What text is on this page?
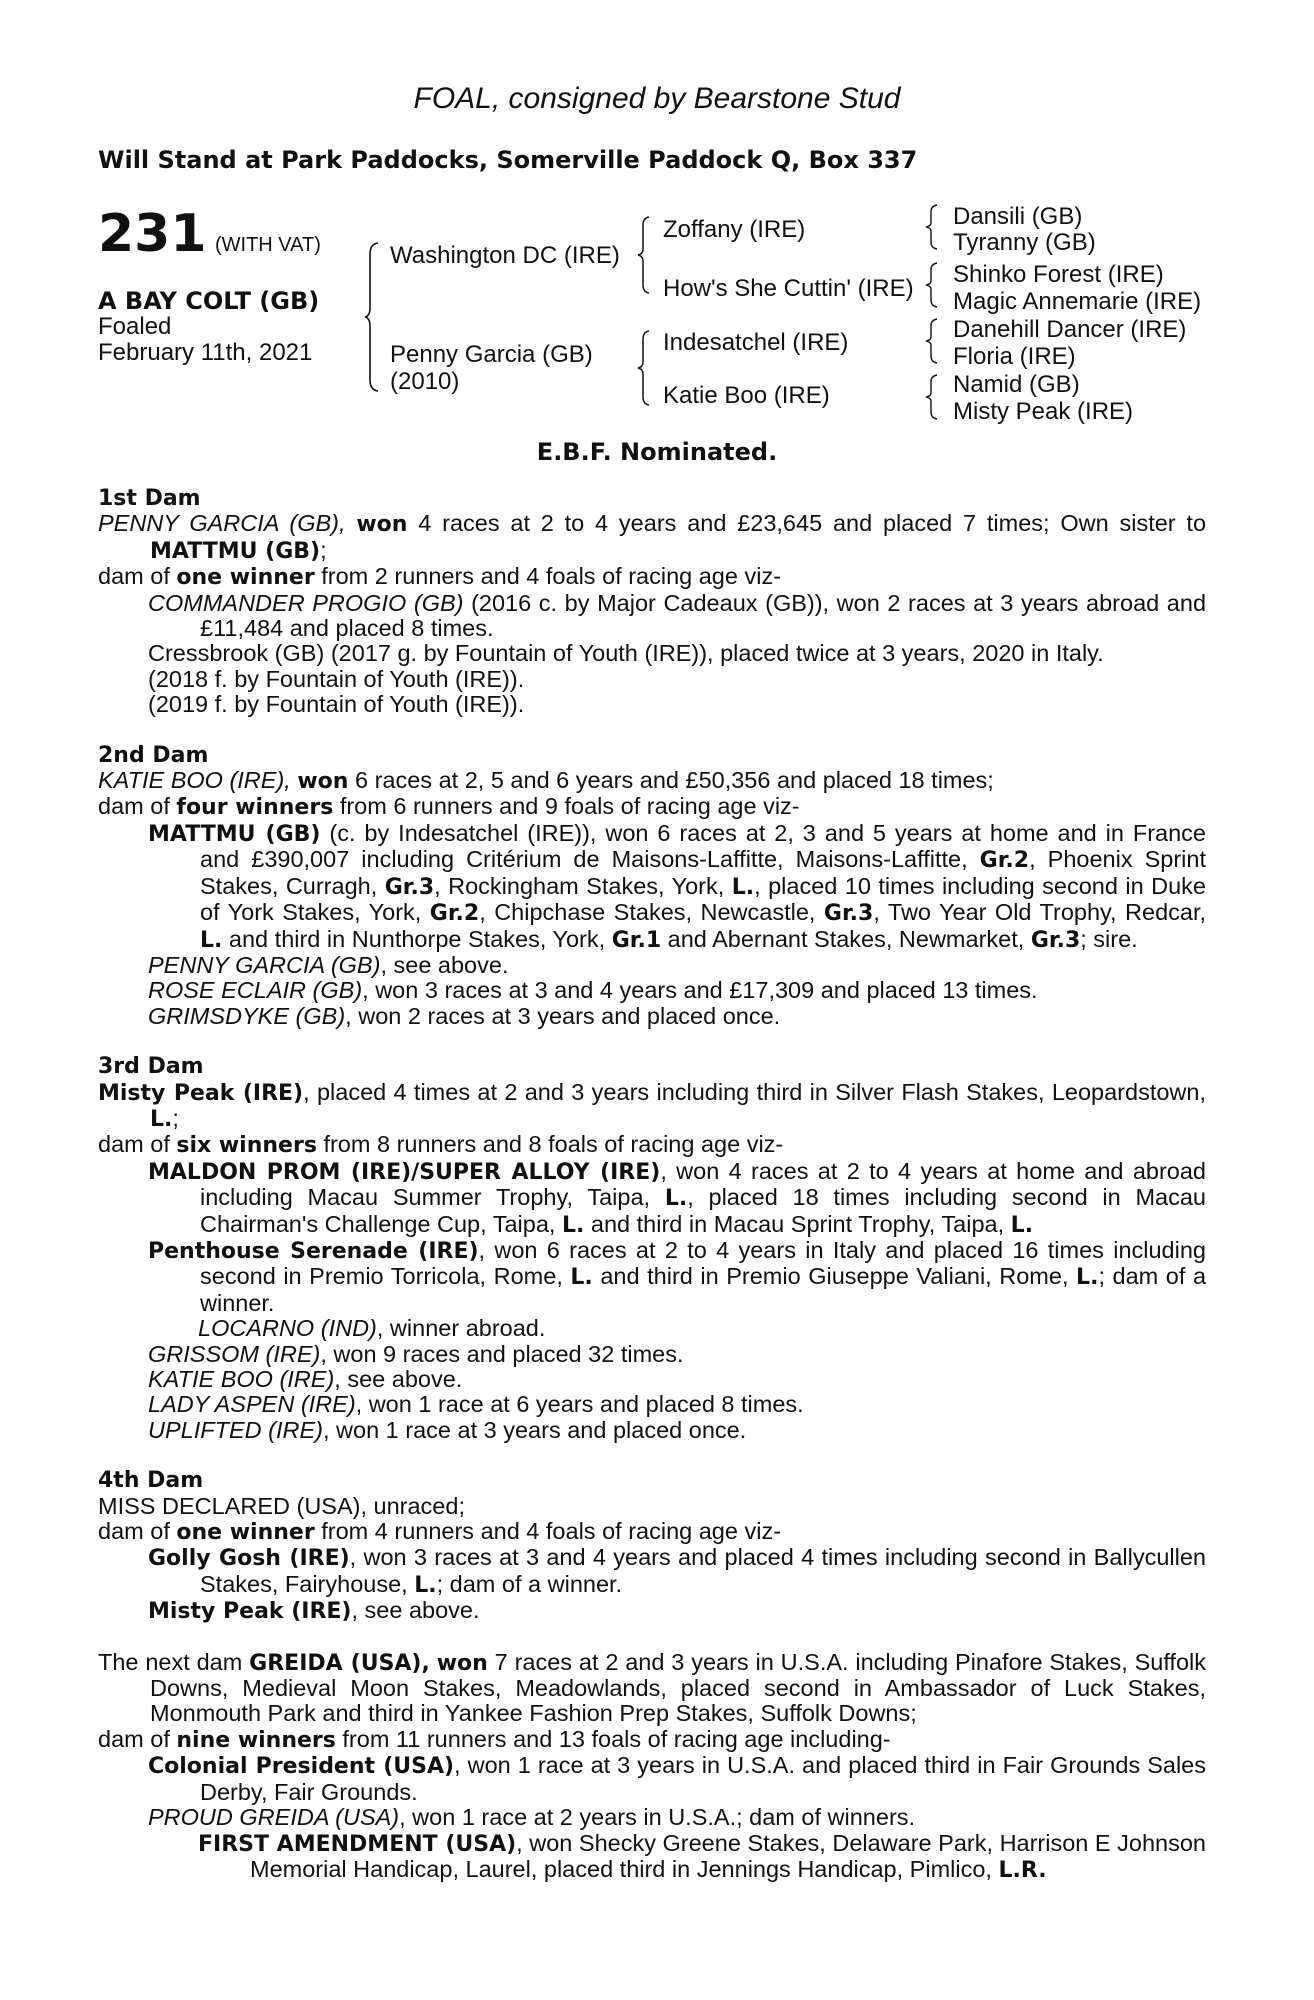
FOAL, consigned by Bearstone Stud
Will Stand at Park Paddocks, Somerville Paddock Q, Box 337
231 (WITH VAT)
A BAY COLT (GB)
Foaled
February 11th, 2021
Washington DC (IRE)
Penny Garcia (GB)
(2010)
Zoffany (IRE)
How's She Cuttin' (IRE)
Indesatchel (IRE)
Katie Boo (IRE)
Dansili (GB)
Tyranny (GB)
Shinko Forest (IRE)
Magic Annemarie (IRE)
Danehill Dancer (IRE)
Floria (IRE)
Namid (GB)
Misty Peak (IRE)
E.B.F. Nominated.
1st Dam
PENNY GARCIA (GB), won 4 races at 2 to 4 years and £23,645 and placed 7 times; Own sister to MATTMU (GB);
dam of one winner from 2 runners and 4 foals of racing age viz-
COMMANDER PROGIO (GB) (2016 c. by Major Cadeaux (GB)), won 2 races at 3 years abroad and £11,484 and placed 8 times.
Cressbrook (GB) (2017 g. by Fountain of Youth (IRE)), placed twice at 3 years, 2020 in Italy.
(2018 f. by Fountain of Youth (IRE)).
(2019 f. by Fountain of Youth (IRE)).
2nd Dam
KATIE BOO (IRE), won 6 races at 2, 5 and 6 years and £50,356 and placed 18 times;
dam of four winners from 6 runners and 9 foals of racing age viz-
MATTMU (GB) (c. by Indesatchel (IRE)), won 6 races at 2, 3 and 5 years at home and in France and £390,007 including Critérium de Maisons-Laffitte, Maisons-Laffitte, Gr.2, Phoenix Sprint Stakes, Curragh, Gr.3, Rockingham Stakes, York, L., placed 10 times including second in Duke of York Stakes, York, Gr.2, Chipchase Stakes, Newcastle, Gr.3, Two Year Old Trophy, Redcar, L. and third in Nunthorpe Stakes, York, Gr.1 and Abernant Stakes, Newmarket, Gr.3; sire.
PENNY GARCIA (GB), see above.
ROSE ECLAIR (GB), won 3 races at 3 and 4 years and £17,309 and placed 13 times.
GRIMSDYKE (GB), won 2 races at 3 years and placed once.
3rd Dam
Misty Peak (IRE), placed 4 times at 2 and 3 years including third in Silver Flash Stakes, Leopardstown, L.;
dam of six winners from 8 runners and 8 foals of racing age viz-
MALDON PROM (IRE)/SUPER ALLOY (IRE), won 4 races at 2 to 4 years at home and abroad including Macau Summer Trophy, Taipa, L., placed 18 times including second in Macau Chairman's Challenge Cup, Taipa, L. and third in Macau Sprint Trophy, Taipa, L.
Penthouse Serenade (IRE), won 6 races at 2 to 4 years in Italy and placed 16 times including second in Premio Torricola, Rome, L. and third in Premio Giuseppe Valiani, Rome, L.; dam of a winner.
LOCARNO (IND), winner abroad.
GRISSOM (IRE), won 9 races and placed 32 times.
KATIE BOO (IRE), see above.
LADY ASPEN (IRE), won 1 race at 6 years and placed 8 times.
UPLIFTED (IRE), won 1 race at 3 years and placed once.
4th Dam
MISS DECLARED (USA), unraced;
dam of one winner from 4 runners and 4 foals of racing age viz-
Golly Gosh (IRE), won 3 races at 3 and 4 years and placed 4 times including second in Ballycullen Stakes, Fairyhouse, L.; dam of a winner.
Misty Peak (IRE), see above.
The next dam GREIDA (USA), won 7 races at 2 and 3 years in U.S.A. including Pinafore Stakes, Suffolk Downs, Medieval Moon Stakes, Meadowlands, placed second in Ambassador of Luck Stakes, Monmouth Park and third in Yankee Fashion Prep Stakes, Suffolk Downs;
dam of nine winners from 11 runners and 13 foals of racing age including-
Colonial President (USA), won 1 race at 3 years in U.S.A. and placed third in Fair Grounds Sales Derby, Fair Grounds.
PROUD GREIDA (USA), won 1 race at 2 years in U.S.A.; dam of winners.
FIRST AMENDMENT (USA), won Shecky Greene Stakes, Delaware Park, Harrison E Johnson Memorial Handicap, Laurel, placed third in Jennings Handicap, Pimlico, L.R.
